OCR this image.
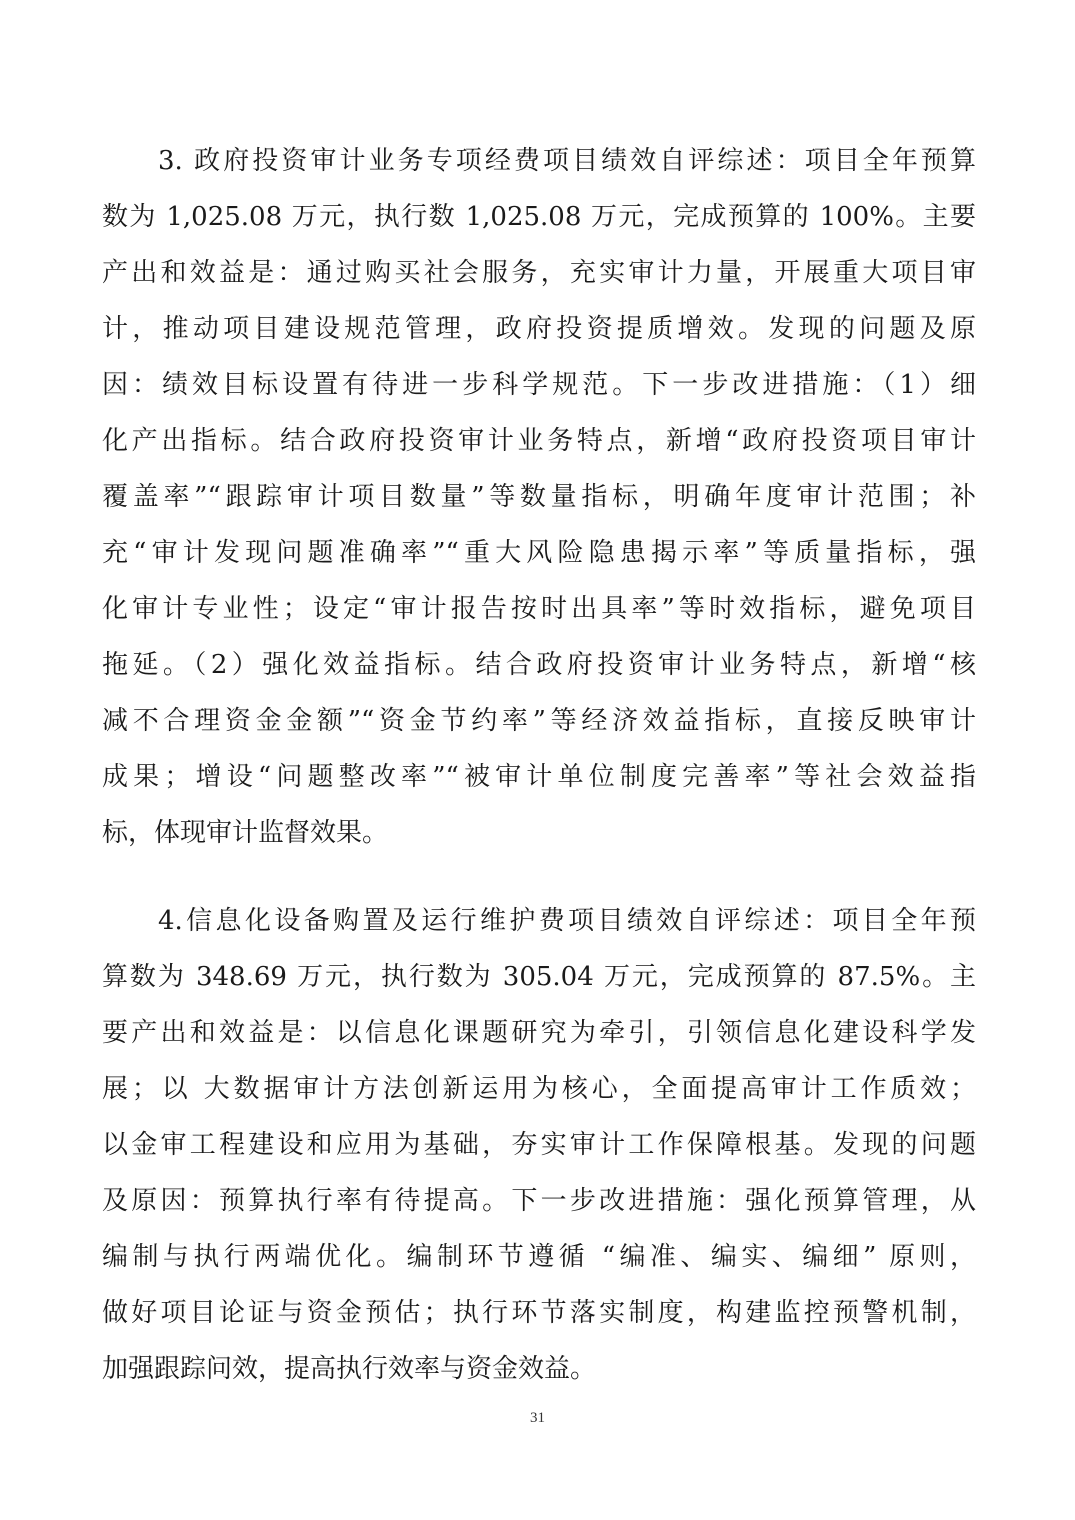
3. 政府投资审计业务专项经费项目绩效自评综述：项目全年预算
数为 1,025.08 万元，执行数 1,025.08 万元，完成预算的 100%。主要
产出和效益是：通过购买社会服务，充实审计力量，开展重大项目审
计，推动项目建设规范管理，政府投资提质增效。发现的问题及原
因：绩效目标设置有待进一步科学规范。下一步改进措施：（1）细
化产出指标。结合政府投资审计业务特点，新增“政府投资项目审计
覆盖率”“跟踪审计项目数量”等数量指标，明确年度审计范围；补
充“审计发现问题准确率”“重大风险隐患揭示率”等质量指标，强
化审计专业性；设定“审计报告按时出具率”等时效指标，避免项目
拖延。（2）强化效益指标。结合政府投资审计业务特点，新增“核
减不合理资金金额”“资金节约率”等经济效益指标，直接反映审计
成果；增设“问题整改率”“被审计单位制度完善率”等社会效益指
标，体现审计监督效果。
4.信息化设备购置及运行维护费项目绩效自评综述：项目全年预
算数为 348.69 万元，执行数为 305.04 万元，完成预算的 87.5%。主
要产出和效益是：以信息化课题研究为牵引，引领信息化建设科学发
展；以 大数据审计方法创新运用为核心，全面提高审计工作质效；
以金审工程建设和应用为基础，夯实审计工作保障根基。发现的问题
及原因：预算执行率有待提高。下一步改进措施：强化预算管理，从
编制与执行两端优化。编制环节遵循 “编准、编实、编细” 原则，
做好项目论证与资金预估；执行环节落实制度，构建监控预警机制，
加强跟踪问效，提高执行效率与资金效益。
31
